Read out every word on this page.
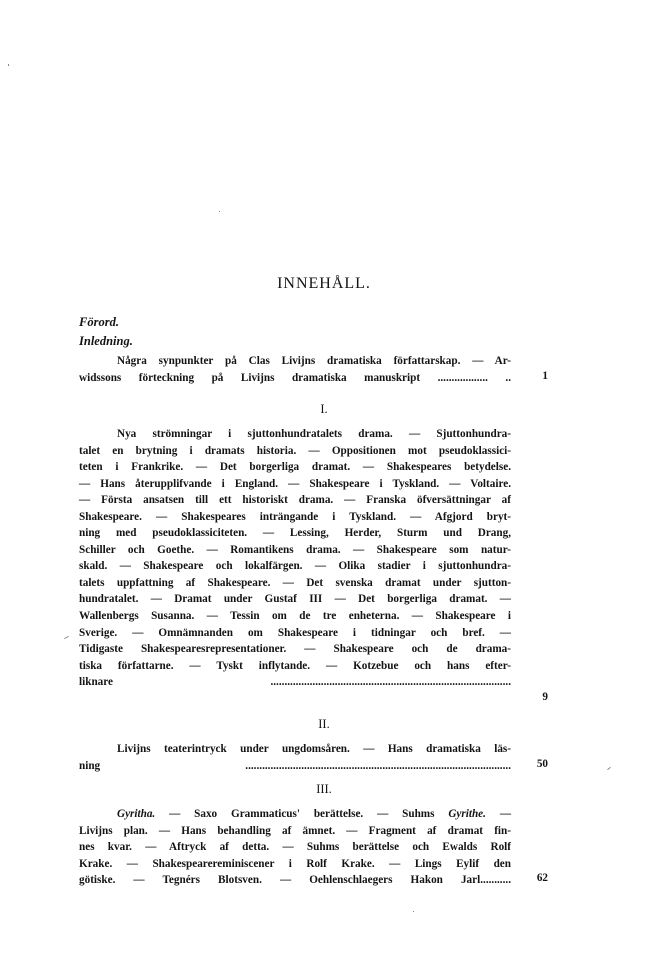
INNEHÅLL.
Förord.
Inledning.
Några synpunkter på Clas Livijns dramatiska författarskap. — Ar-
widssons förteckning på Livijns dramatiska manuskript .................. ..	1
I.
Nya strömningar i sjuttonhundratalets drama. — Sjuttonhundra-
talet en brytning i dramats historia. — Oppositionen mot pseudoklassici-
teten i Frankrike. — Det borgerliga dramat. — Shakespeares betydelse.
— Hans återupplifvande i England. — Shakespeare i Tyskland. — Voltaire.
— Första ansatsen till ett historiskt drama. — Franska öfversättningar af
Shakespeare. — Shakespeares inträngande i Tyskland. — Afgjord bryt-
ning med pseudoklassiciteten. — Lessing, Herder, Sturm und Drang,
Schiller och Goethe. — Romantikens drama. — Shakespeare som natur-
skald. — Shakespeare och lokalfärgen. — Olika stadier i sjuttonhundra-
talets uppfattning af Shakespeare. — Det svenska dramat under sjutton-
hundratalet. — Dramat under Gustaf III — Det borgerliga dramat. —
Wallenbergs Susanna. — Tessin om de tre enheterna. — Shakespeare i
Sverige. — Omnämnanden om Shakespeare i tidningar och bref. —
Tidigaste Shakespearesrepresentationer. — Shakespeare och de drama-
tiska författarne. — Tyskt inflytande. — Kotzebue och hans efter-
liknare ......................................................................................
9
II.
Livijns teaterintryck under ungdomsåren. — Hans dramatiska läs-
ning ...............................................................................................	50
III.
Gyritha. — Saxo Grammaticus' berättelse. — Suhms Gyrithe. —
Livijns plan. — Hans behandling af ämnet. — Fragment af dramat fin-
nes kvar. — Aftryck af detta. — Suhms berättelse och Ewalds Rolf
Krake. — Shakespearereminiscener i Rolf Krake. — Lings Eylif den
götiske. — Tegnérs Blotsven. — Oehlenschlaegers Hakon Jarl...........	62
